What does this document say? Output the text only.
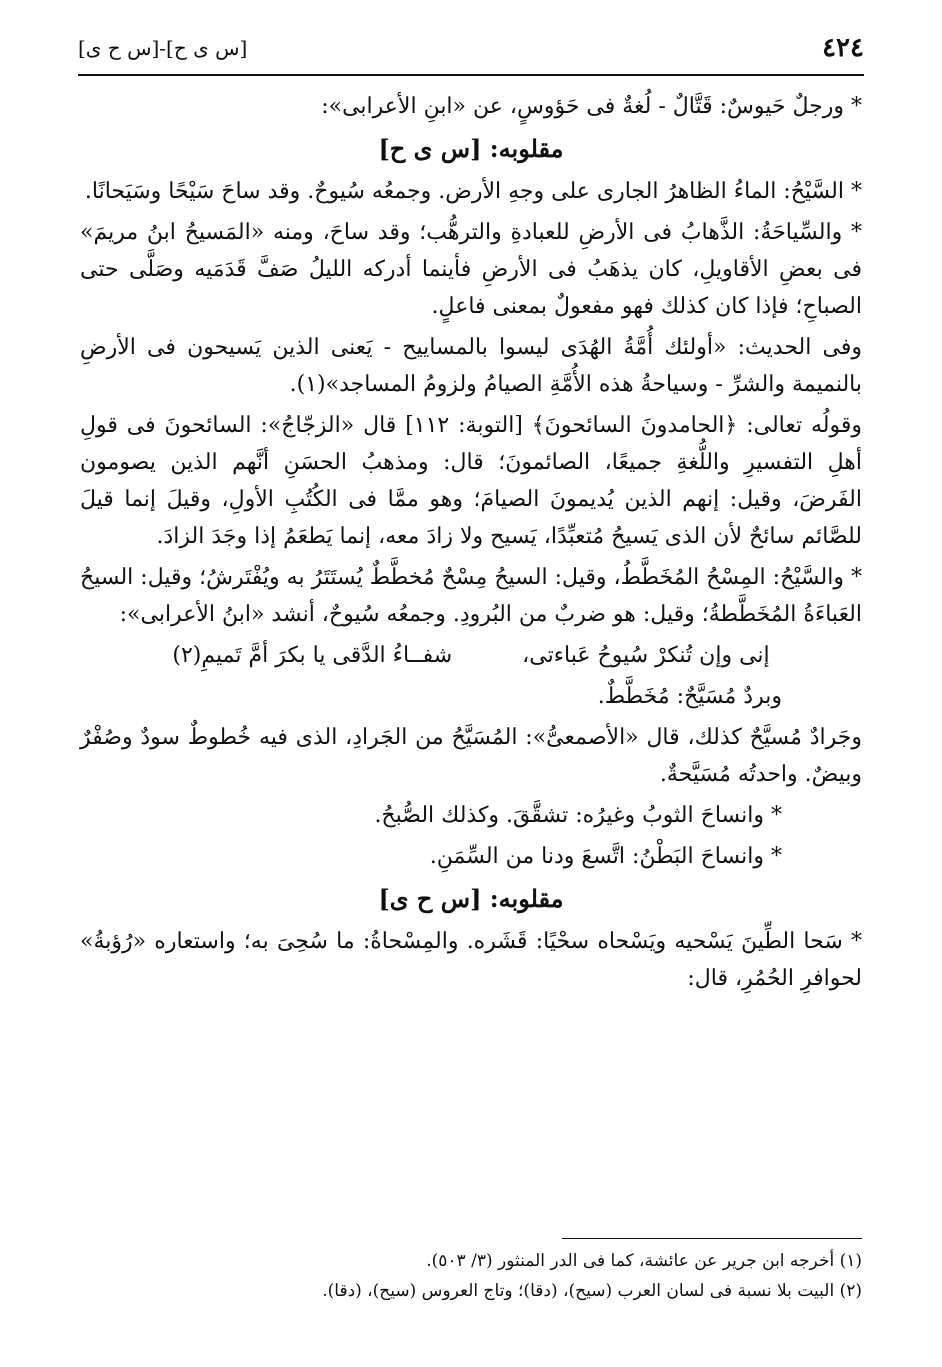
٤٢٤
[س ى ح]-[س ح ى]

* ورجلٌ حَيوسٌ: قَتَّالٌ - لُغةٌ فى حَؤوسٍ، عن «ابنِ الأعرابى»:

مقلوبه: [س ى ح]

* السَّيْحُ: الماءُ الظاهرُ الجارى على وجهِ الأرض. وجمعُه سُيوحٌ. وقد ساحَ سَيْحًا وسَيَحانًا.

* والسِّياحَةُ: الذَّهابُ فى الأرضِ للعبادةِ والترهُّب؛ وقد ساحَ، ومنه «المَسيحُ ابنُ مريمَ» فى بعضِ الأقاويلِ، كان يذهَبُ فى الأرضِ فأينما أدركه الليلُ صَفَّ قَدَمَيه وصَلَّى حتى الصباحِ؛ فإذا كان كذلك فهو مفعولٌ بمعنى فاعلٍ.

وفى الحديث: «أولئك أُمَّةُ الهُدَى ليسوا بالمساييح - يَعنى الذين يَسيحون فى الأرضِ بالنميمة والشرِّ - وسياحةُ هذه الأُمَّةِ الصيامُ ولزومُ المساجد»(١).

وقولُه تعالى: ﴿الحامدونَ السائحونَ﴾ [التوبة: ١١٢] قال «الزجّاجُ»: السائحونَ فى قولِ أهلِ التفسيرِ واللُّغةِ جميعًا، الصائمونَ؛ قال: ومذهبُ الحسَنِ أنَّهم الذين يصومون الفَرضَ، وقيل: إنهم الذين يُديمونَ الصيامَ؛ وهو ممَّا فى الكُتُبِ الأولِ، وقيلَ إنما قيلَ للصَّائم سائحٌ لأن الذى يَسيحُ مُتعبِّدًا، يَسيح ولا زادَ معه، إنما يَطعَمُ إذا وجَدَ الزادَ.

* والسَّيْحُ: المِسْحُ المُخَطَّطُ، وقيل: السيحُ مِسْحٌ مُخطَّطٌ يُستَتَرُ به ويُفْتَرشُ؛ وقيل: السيحُ العَباءَةُ المُخَطَّطةُ؛ وقيل: هو ضربٌ من البُرودِ. وجمعُه سُيوحٌ، أنشد «ابنُ الأعرابى»:

إنى وإن تُنكرْ سُيوحُ عَباءتى،
شفــاءُ الدَّقى يا بكرَ أمَّ تَميمِ(٢)

وبردٌ مُسَيَّحٌ: مُخَطَّطٌ.

وجَرادٌ مُسيَّحٌ كذلك، قال «الأصمعىُّ»: المُسَيَّحُ من الجَرادِ، الذى فيه خُطوطٌ سودٌ وصُفْرٌ وبيضٌ. واحدتُه مُسَيَّحةٌ.

* وانساحَ الثوبُ وغيرُه: تشقَّقَ. وكذلك الصُّبحُ.

* وانساحَ البَطْنُ: اتَّسعَ ودنا من السِّمَنِ.

مقلوبه: [س ح ى]

* سَحا الطِّينَ يَسْحيه ويَسْحاه سحْيًا: قَشَره. والمِسْحاةُ: ما سُحِىَ به؛ واستعاره «رُؤبةُ» لحوافرِ الحُمُرِ، قال:

(١) أخرجه ابن جرير عن عائشة، كما فى الدر المنثور (٣/ ٥٠٣).

(٢) البيت بلا نسبة فى لسان العرب (سيح)، (دقا)؛ وتاج العروس (سيح)، (دقا).
